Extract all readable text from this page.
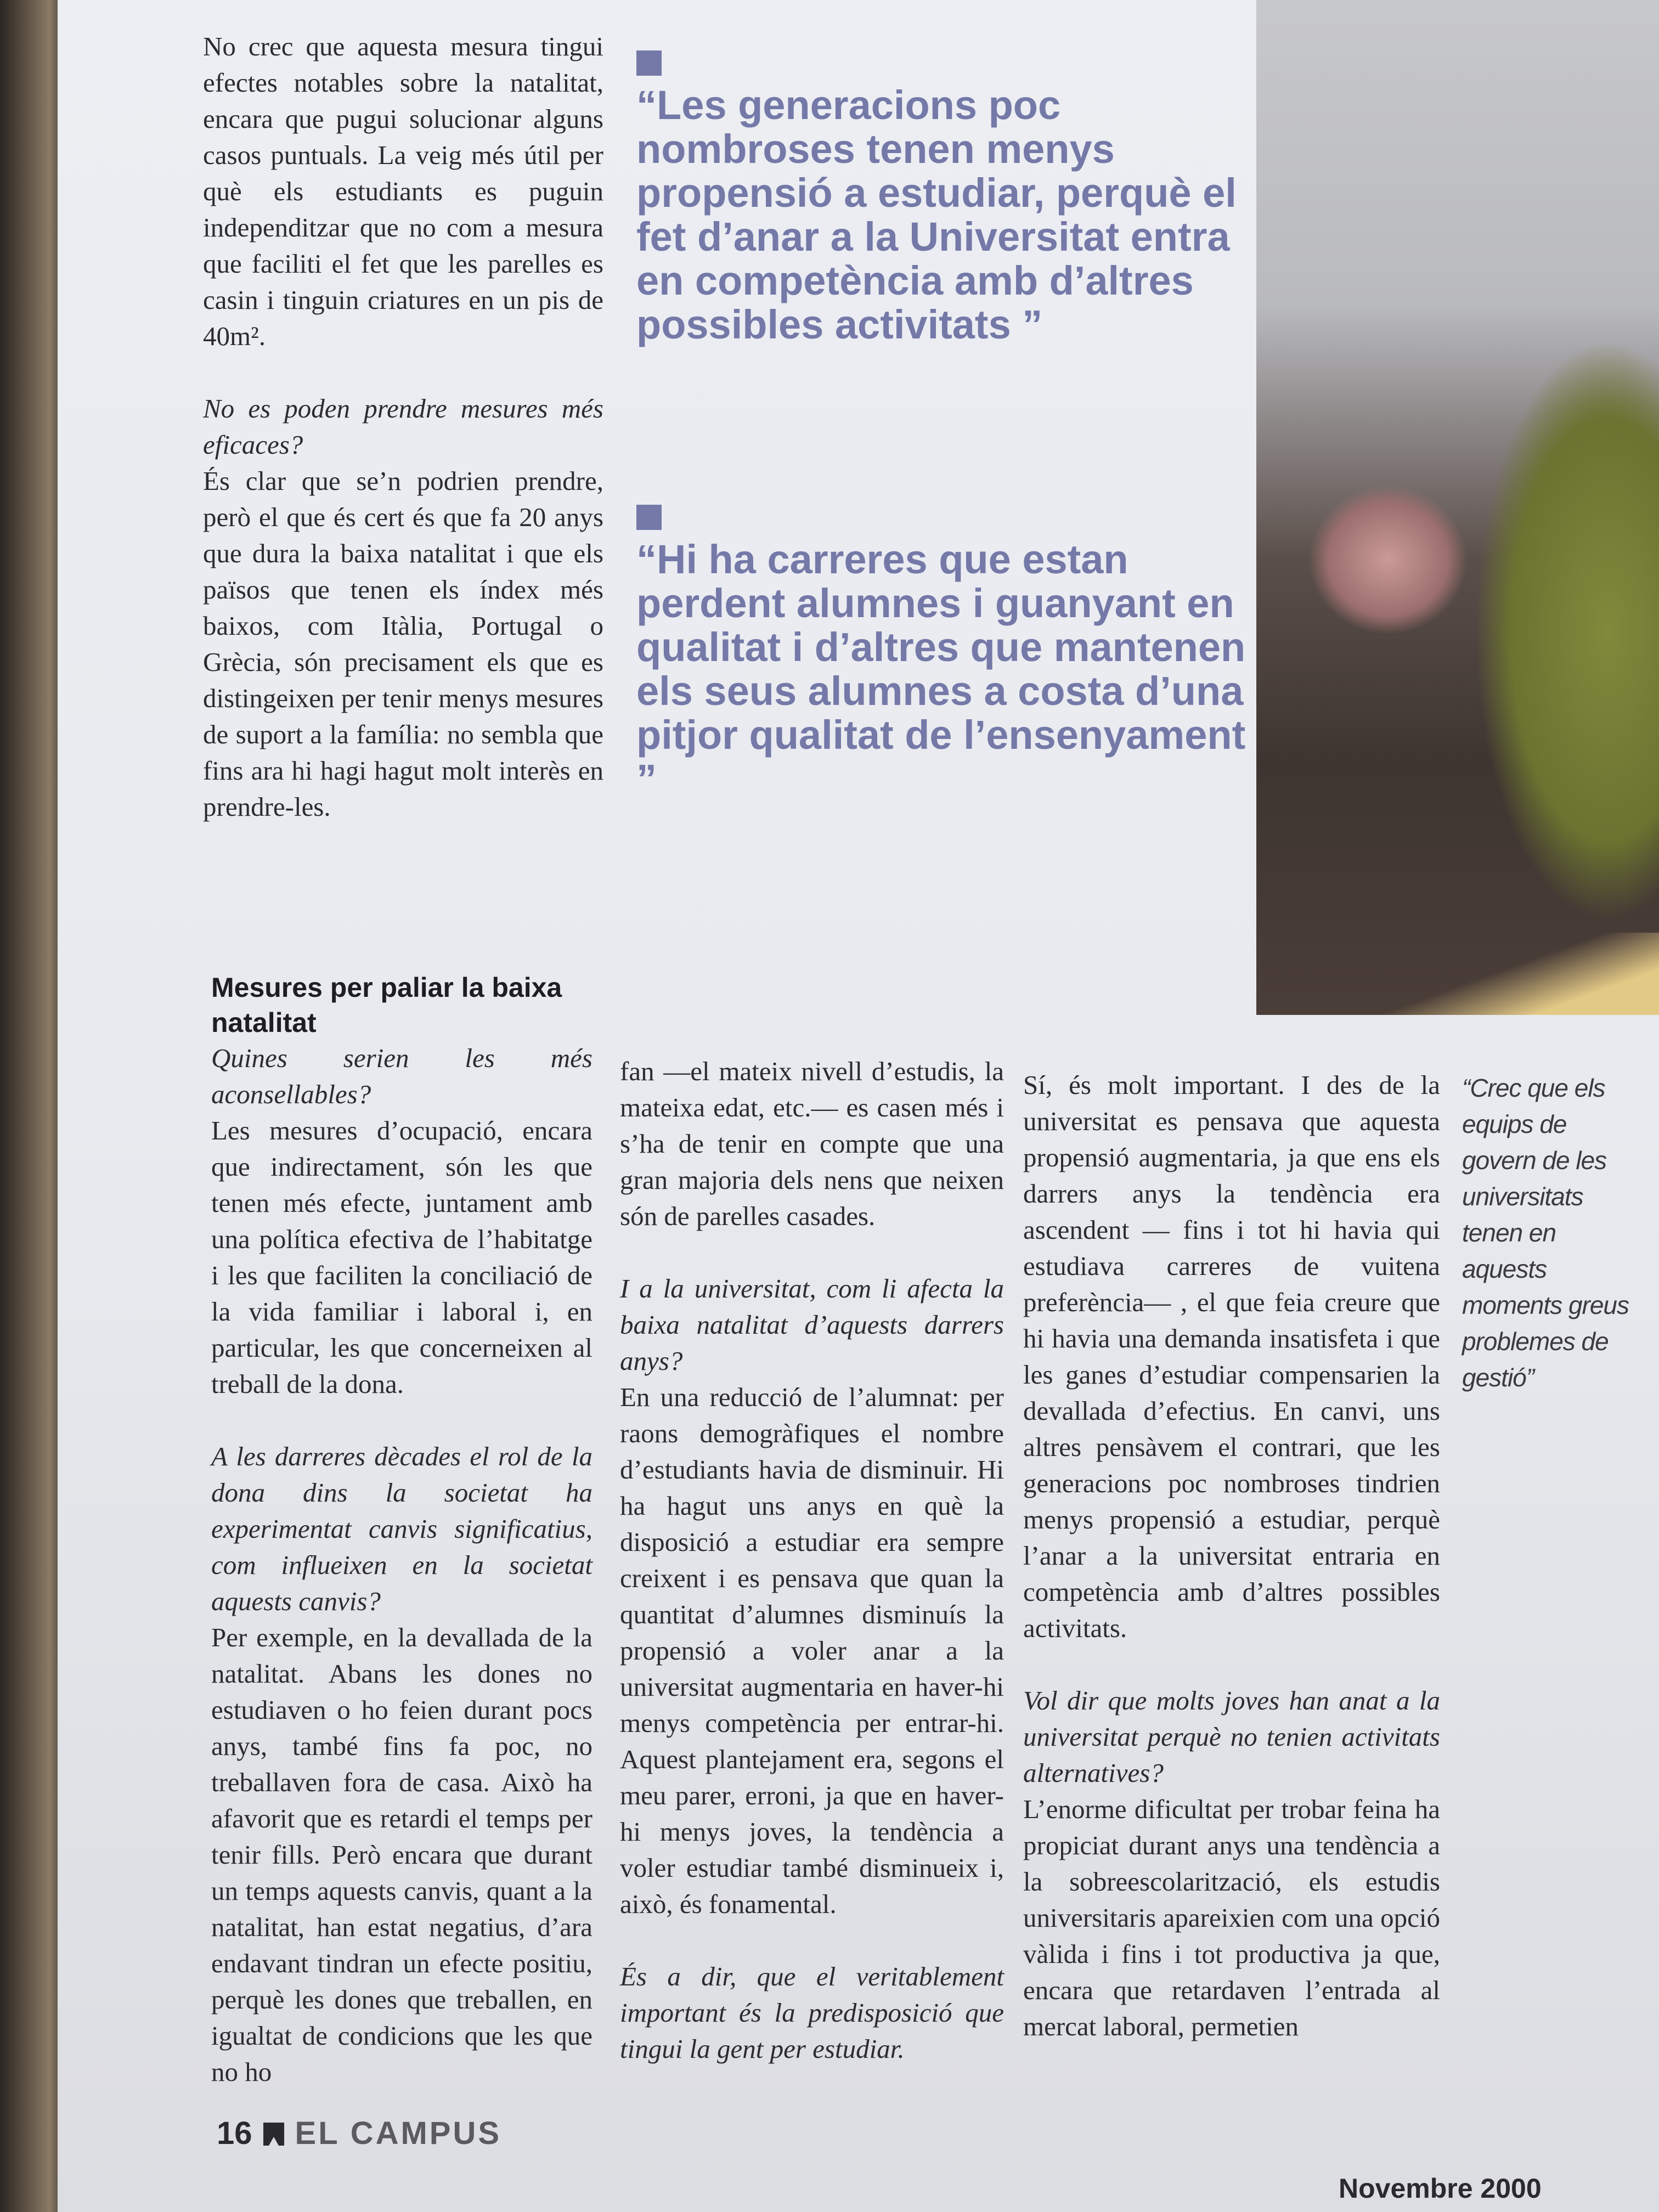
No crec que aquesta mesura tingui efectes notables sobre la natalitat, encara que pugui solucionar alguns casos puntuals. La veig més útil per què els estudiants es puguin independitzar que no com a mesura que faciliti el fet que les parelles es casin i tinguin criatures en un pis de 40m².

No es poden prendre mesures més eficaces?

És clar que se’n podrien prendre, però el que és cert és que fa 20 anys que dura la baixa natalitat i que els països que tenen els índex més baixos, com Itàlia, Portugal o Grècia, són precisament els que es distingeixen per tenir menys mesures de suport a la família: no sembla que fins ara hi hagi hagut molt interès en prendre-les.

“Les generacions poc nombroses tenen menys propensió a estudiar, perquè el fet d’anar a la Universitat entra en competència amb d’altres possibles activitats ”
“Hi ha carreres que estan perdent alumnes i guanyant en qualitat i d’altres que mantenen els seus alumnes a costa d’una pitjor qualitat de l’ensenyament ”
Mesures per paliar la baixa natalitat

Quines serien les més aconsellables?

Les mesures d’ocupació, encara que indirectament, són les que tenen més efecte, juntament amb una política efectiva de l’habitatge i les que faciliten la conciliació de la vida familiar i laboral i, en particular, les que concerneixen al treball de la dona.

A les darreres dècades el rol de la dona dins la societat ha experimentat canvis significatius, com influeixen en la societat aquests canvis?

Per exemple, en la devallada de la natalitat. Abans les dones no estudiaven o ho feien durant pocs anys, també fins fa poc, no treballaven fora de casa. Això ha afavorit que es retardi el temps per tenir fills. Però encara que durant un temps aquests canvis, quant a la natalitat, han estat negatius, d’ara endavant tindran un efecte positiu, perquè les dones que treballen, en igualtat de condicions que les que no ho

fan —el mateix nivell d’estudis, la mateixa edat, etc.— es casen més i s’ha de tenir en compte que una gran majoria dels nens que neixen són de parelles casades.

I a la universitat, com li afecta la baixa natalitat d’aquests darrers anys?

En una reducció de l’alumnat: per raons demogràfiques el nombre d’estudiants havia de disminuir. Hi ha hagut uns anys en què la disposició a estudiar era sempre creixent i es pensava que quan la quantitat d’alumnes disminuís la propensió a voler anar a la universitat augmentaria en haver-hi menys competència per entrar-hi. Aquest plantejament era, segons el meu parer, erroni, ja que en haver-hi menys joves, la tendència a voler estudiar també disminueix i, això, és fonamental.

És a dir, que el veritablement important és la predisposició que tingui la gent per estudiar.

Sí, és molt important. I des de la universitat es pensava que aquesta propensió augmentaria, ja que ens els darrers anys la tendència era ascendent — fins i tot hi havia qui estudiava carreres de vuitena preferència— , el que feia creure que hi havia una demanda insatisfeta i que les ganes d’estudiar compensarien la devallada d’efectius. En canvi, uns altres pensàvem el contrari, que les generacions poc nombroses tindrien menys propensió a estudiar, perquè l’anar a la universitat entraria en competència amb d’altres possibles activitats.

Vol dir que molts joves han anat a la universitat perquè no tenien activitats alternatives?

L’enorme dificultat per trobar feina ha propiciat durant anys una tendència a la sobreescolarització, els estudis universitaris apareixien com una opció vàlida i fins i tot productiva ja que, encara que retardaven l’entrada al mercat laboral, permetien

“Crec que els equips de govern de les universitats tenen en aquests moments greus problemes de gestió”
16 EL CAMPUS
Novembre 2000
